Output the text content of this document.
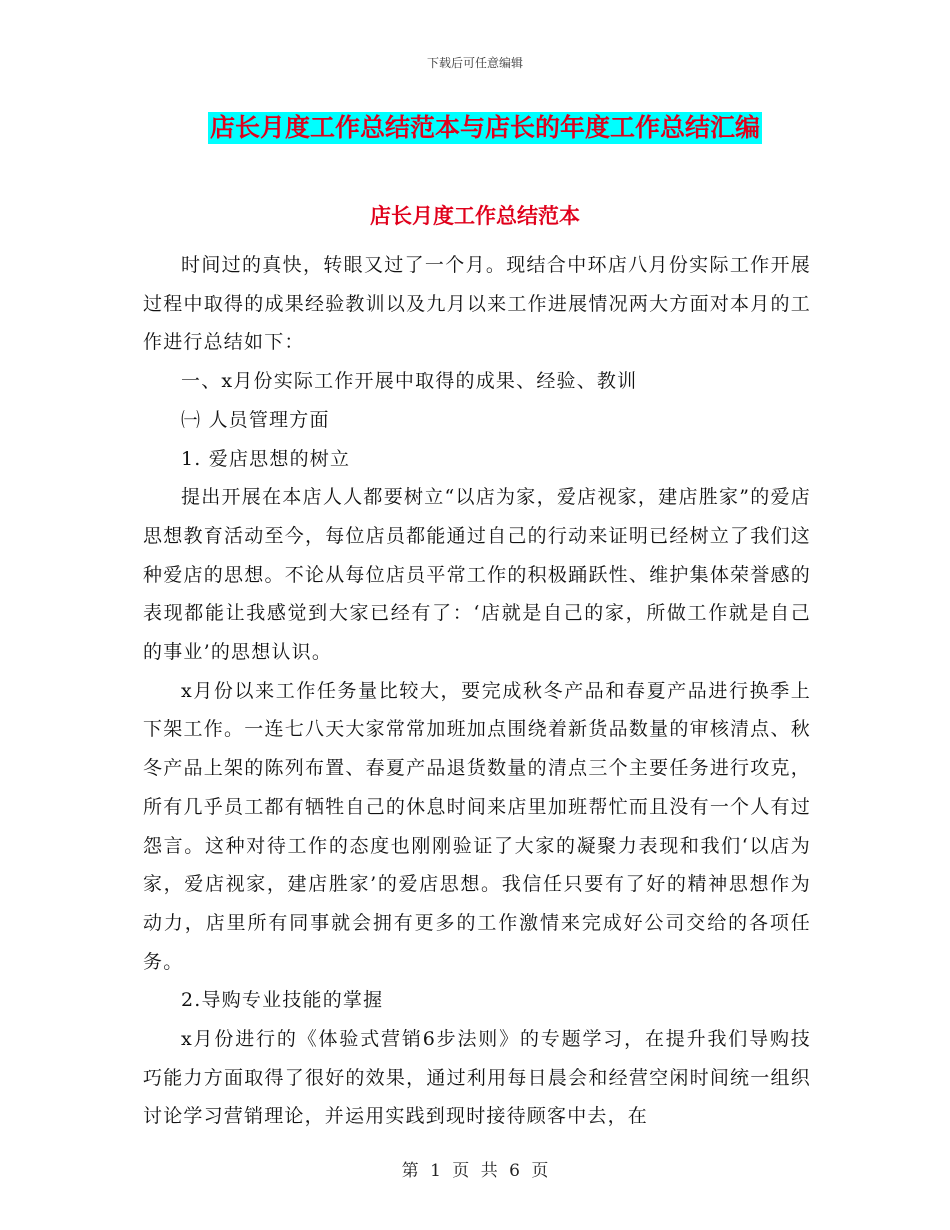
下载后可任意编辑
店长月度工作总结范本与店长的年度工作总结汇编
店长月度工作总结范本

时间过的真快，转眼又过了一个月。现结合中环店八月份实际工作开展过程中取得的成果经验教训以及九月以来工作进展情况两大方面对本月的工作进行总结如下：

一、x月份实际工作开展中取得的成果、经验、教训

㈠ 人员管理方面

1. 爱店思想的树立

提出开展在本店人人都要树立“以店为家，爱店视家，建店胜家”的爱店思想教育活动至今，每位店员都能通过自己的行动来证明已经树立了我们这种爱店的思想。不论从每位店员平常工作的积极踊跃性、维护集体荣誉感的表现都能让我感觉到大家已经有了：‘店就是自己的家，所做工作就是自己的事业’的思想认识。

x月份以来工作任务量比较大，要完成秋冬产品和春夏产品进行换季上下架工作。一连七八天大家常常加班加点围绕着新货品数量的审核清点、秋冬产品上架的陈列布置、春夏产品退货数量的清点三个主要任务进行攻克，所有几乎员工都有牺牲自己的休息时间来店里加班帮忙而且没有一个人有过怨言。这种对待工作的态度也刚刚验证了大家的凝聚力表现和我们‘以店为家，爱店视家，建店胜家’的爱店思想。我信任只要有了好的精神思想作为动力，店里所有同事就会拥有更多的工作激情来完成好公司交给的各项任务。

2.导购专业技能的掌握

x月份进行的《体验式营销6步法则》的专题学习，在提升我们导购技巧能力方面取得了很好的效果，通过利用每日晨会和经营空闲时间统一组织讨论学习营销理论，并运用实践到现时接待顾客中去，在

第 1 页 共 6 页
